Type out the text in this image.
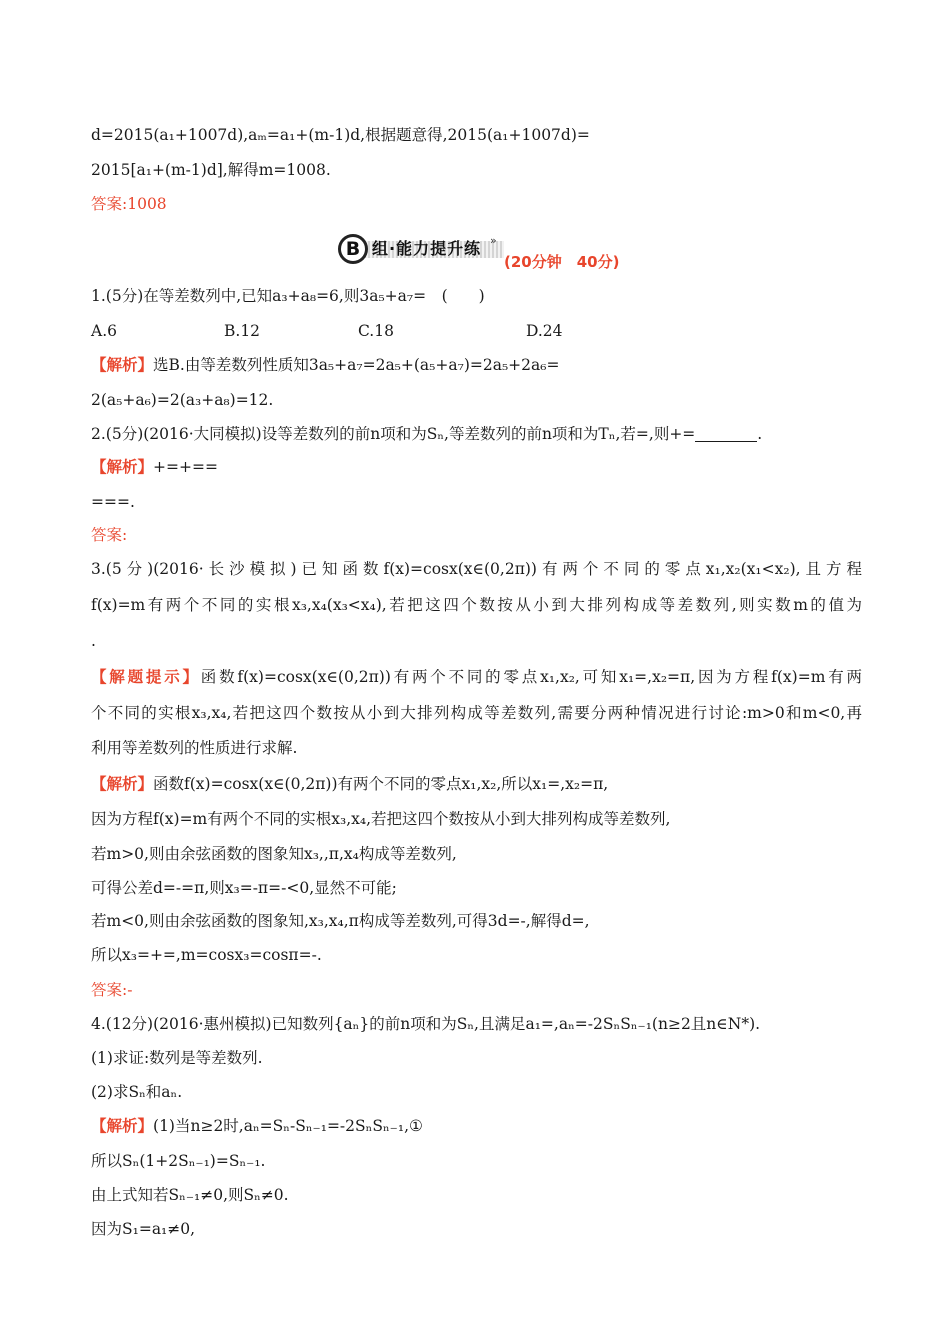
d=2015(a₁+1007d),aₘ=a₁+(m-1)d,根据题意得,2015(a₁+1007d)=
2015[a₁+(m-1)d],解得m=1008.
答案:1008
B 组·能力提升练 »
(20分钟　40分)
1.(5分)在等差数列中,已知a₃+a₈=6,则3a₅+a₇=　(　　)
A.6	B.12	C.18	D.24
【解析】选B.由等差数列性质知3a₅+a₇=2a₅+(a₅+a₇)=2a₅+2a₆=
2(a₅+a₆)=2(a₃+a₈)=12.
2.(5分)(2016·大同模拟)设等差数列的前n项和为Sₙ,等差数列的前n项和为Tₙ,若=,则+=	.
【解析】+=+==
===.
答案:
3.(5分)(2016·长沙模拟)已知函数f(x)=cosx(x∈(0,2π))有两个不同的零点x₁,x₂(x₁<x₂),且方程
f(x)=m有两个不同的实根x₃,x₄(x₃<x₄),若把这四个数按从小到大排列构成等差数列,则实数m的值为
.
【解题提示】函数f(x)=cosx(x∈(0,2π))有两个不同的零点x₁,x₂,可知x₁=,x₂=π,因为方程f(x)=m有两
个不同的实根x₃,x₄,若把这四个数按从小到大排列构成等差数列,需要分两种情况进行讨论:m>0和m<0,再
利用等差数列的性质进行求解.
【解析】函数f(x)=cosx(x∈(0,2π))有两个不同的零点x₁,x₂,所以x₁=,x₂=π,
因为方程f(x)=m有两个不同的实根x₃,x₄,若把这四个数按从小到大排列构成等差数列,
若m>0,则由余弦函数的图象知x₃,,π,x₄构成等差数列,
可得公差d=-=π,则x₃=-π=-<0,显然不可能;
若m<0,则由余弦函数的图象知,x₃,x₄,π构成等差数列,可得3d=-,解得d=,
所以x₃=+=,m=cosx₃=cosπ=-.
答案:-
4.(12分)(2016·惠州模拟)已知数列{aₙ}的前n项和为Sₙ,且满足a₁=,aₙ=-2SₙSₙ₋₁(n≥2且n∈N*).
(1)求证:数列是等差数列.
(2)求Sₙ和aₙ.
【解析】(1)当n≥2时,aₙ=Sₙ-Sₙ₋₁=-2SₙSₙ₋₁,①
所以Sₙ(1+2Sₙ₋₁)=Sₙ₋₁.
由上式知若Sₙ₋₁≠0,则Sₙ≠0.
因为S₁=a₁≠0,
